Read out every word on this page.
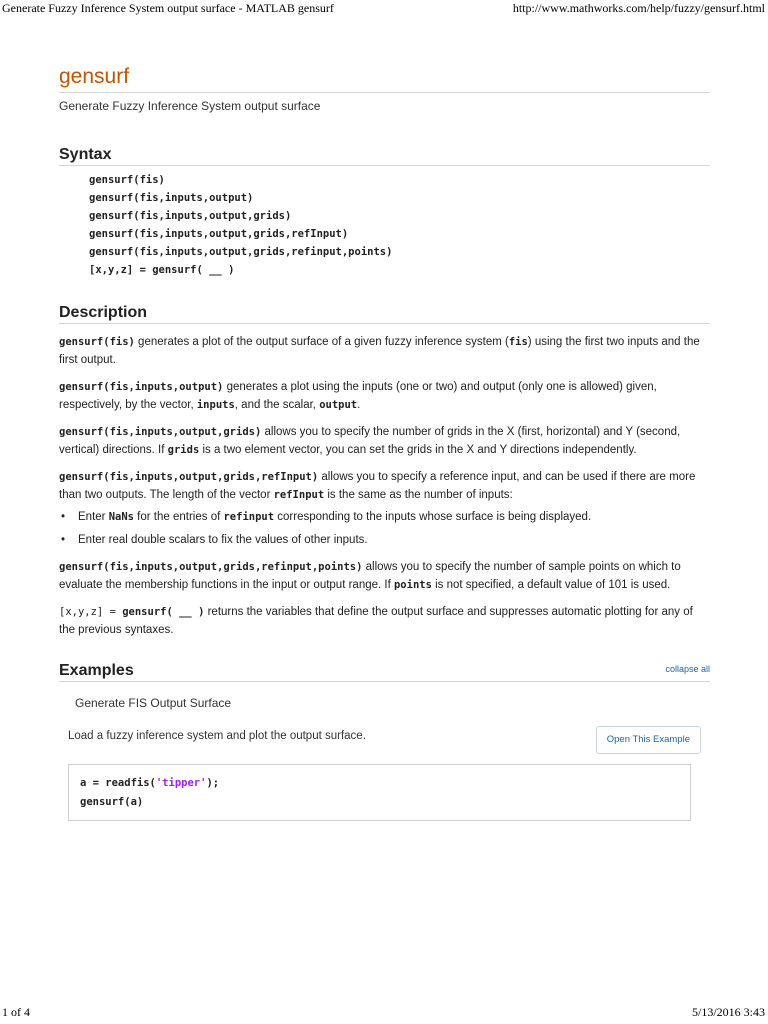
Generate Fuzzy Inference System output surface - MATLAB gensurf	http://www.mathworks.com/help/fuzzy/gensurf.html
gensurf

Generate Fuzzy Inference System output surface

Syntax
gensurf(fis)
gensurf(fis,inputs,output)
gensurf(fis,inputs,output,grids)
gensurf(fis,inputs,output,grids,refInput)
gensurf(fis,inputs,output,grids,refinput,points)
[x,y,z] = gensurf( __ )
Description

gensurf(fis) generates a plot of the output surface of a given fuzzy inference system (fis) using the first two inputs and the first output.

gensurf(fis,inputs,output) generates a plot using the inputs (one or two) and output (only one is allowed) given, respectively, by the vector, inputs, and the scalar, output.

gensurf(fis,inputs,output,grids) allows you to specify the number of grids in the X (first, horizontal) and Y (second, vertical) directions. If grids is a two element vector, you can set the grids in the X and Y directions independently.

gensurf(fis,inputs,output,grids,refInput) allows you to specify a reference input, and can be used if there are more than two outputs. The length of the vector refInput is the same as the number of inputs:

• Enter NaNs for the entries of refinput corresponding to the inputs whose surface is being displayed.
• Enter real double scalars to fix the values of other inputs.

gensurf(fis,inputs,output,grids,refinput,points) allows you to specify the number of sample points on which to evaluate the membership functions in the input or output range. If points is not specified, a default value of 101 is used.

[x,y,z] = gensurf( __ ) returns the variables that define the output surface and suppresses automatic plotting for any of the previous syntaxes.

Examples	collapse all
Generate FIS Output Surface
Load a fuzzy inference system and plot the output surface.	Open This Example
a = readfis('tipper');
gensurf(a)
1 of 4	5/13/2016 3:43
